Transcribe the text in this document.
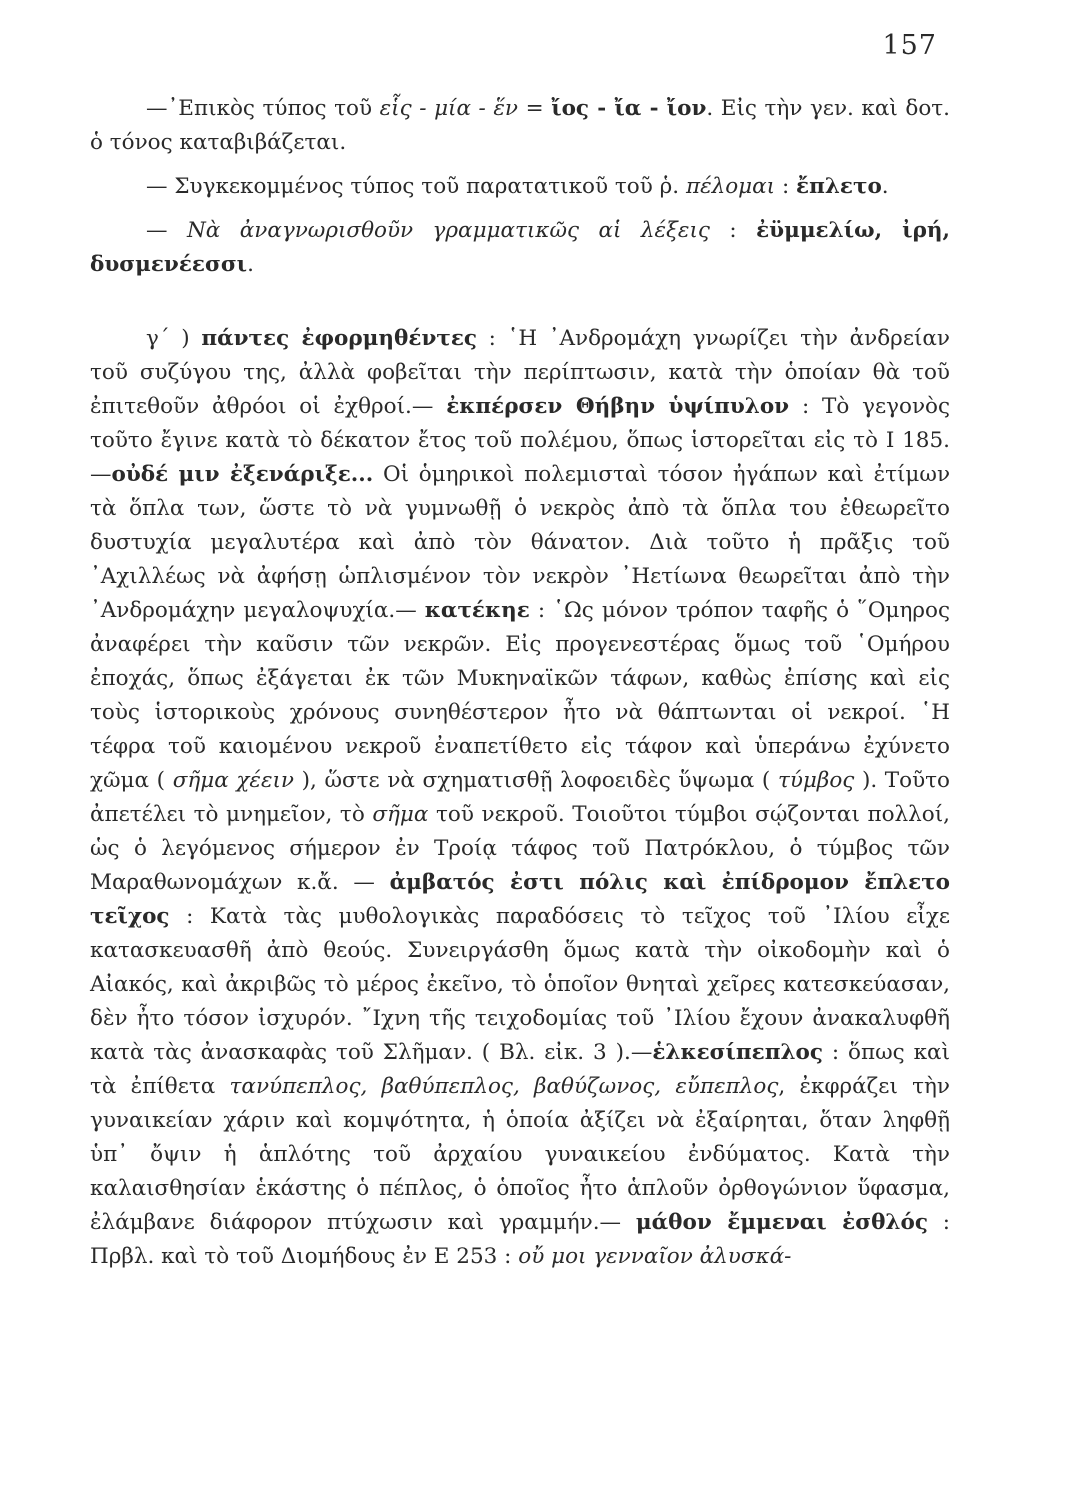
157

—᾽Επικὸς τύπος τοῦ εἷς - μία - ἕν = ἴος - ἴα - ἴον. Εἰς τὴν γεν. καὶ δοτ. ὁ τόνος καταβιβάζεται.

— Συγκεκομμένος τύπος τοῦ παρατατικοῦ τοῦ ῥ. πέλομαι : ἔπλετο.

— Νὰ ἀναγνωρισθοῦν γραμματικῶς αἱ λέξεις : ἐϋμμελίω, ἰρή, δυσμενέεσσι.

γ΄ ) πάντες ἐφορμηθέντες : ῾Η ᾽Ανδρομάχη γνωρίζει τὴν ἀνδρείαν τοῦ συζύγου της, ἀλλὰ φοβεῖται τὴν περίπτωσιν, κατὰ τὴν ὁποίαν θὰ τοῦ ἐπιτεθοῦν ἀθρόοι οἱ ἐχθροί.— ἐκπέρσεν Θήβην ὑψίπυλον : Τὸ γεγονὸς τοῦτο ἔγινε κατὰ τὸ δέκατον ἔτος τοῦ πολέμου, ὅπως ἱστορεῖται εἰς τὸ Ι 185.—οὐδέ μιν ἐξενάριξε... Οἱ ὁμηρικοὶ πολεμισταὶ τόσον ἠγάπων καὶ ἐτίμων τὰ ὅπλα των, ὥστε τὸ νὰ γυμνωθῇ ὁ νεκρὸς ἀπὸ τὰ ὅπλα του ἐθεωρεῖτο δυστυχία μεγαλυτέρα καὶ ἀπὸ τὸν θάνατον. Διὰ τοῦτο ἡ πρᾶξις τοῦ ᾽Αχιλλέως νὰ ἀφήσῃ ὡπλισμένον τὸν νεκρὸν ᾽Ηετίωνα θεωρεῖται ἀπὸ τὴν ᾽Ανδρομάχην μεγαλοψυχία.— κατέκηε : ῾Ως μόνον τρόπον ταφῆς ὁ ῞Ομηρος ἀναφέρει τὴν καῦσιν τῶν νεκρῶν. Εἰς προγενεστέρας ὅμως τοῦ ῾Ομήρου ἐποχάς, ὅπως ἐξάγεται ἐκ τῶν Μυκηναϊκῶν τάφων, καθὼς ἐπίσης καὶ εἰς τοὺς ἱστορικοὺς χρόνους συνηθέστερον ἦτο νὰ θάπτωνται οἱ νεκροί. ῾Η τέφρα τοῦ καιομένου νεκροῦ ἐναπετίθετο εἰς τάφον καὶ ὑπεράνω ἐχύνετο χῶμα ( σῆμα χέειν ), ὥστε νὰ σχηματισθῇ λοφοειδὲς ὕψωμα ( τύμβος ). Τοῦτο ἀπετέλει τὸ μνημεῖον, τὸ σῆμα τοῦ νεκροῦ. Τοιοῦτοι τύμβοι σῴζονται πολλοί, ὡς ὁ λεγόμενος σήμερον ἐν Τροίᾳ τάφος τοῦ Πατρόκλου, ὁ τύμβος τῶν Μαραθωνομάχων κ.ἄ. — ἀμβατός ἐστι πόλις καὶ ἐπίδρομον ἔπλετο τεῖχος : Κατὰ τὰς μυθολογικὰς παραδόσεις τὸ τεῖχος τοῦ ᾽Ιλίου εἶχε κατασκευασθῆ ἀπὸ θεούς. Συνειργάσθη ὅμως κατὰ τὴν οἰκοδομὴν καὶ ὁ Αἰακός, καὶ ἀκριβῶς τὸ μέρος ἐκεῖνο, τὸ ὁποῖον θνηταὶ χεῖρες κατεσκεύασαν, δὲν ἦτο τόσον ἰσχυρόν. ῎Ιχνη τῆς τειχοδομίας τοῦ ᾽Ιλίου ἔχουν ἀνακαλυφθῆ κατὰ τὰς ἀνασκαφὰς τοῦ Σλῆμαν. ( Βλ. εἰκ. 3 ).—ἑλκεσίπεπλος : ὅπως καὶ τὰ ἐπίθετα τανύπεπλος, βαθύπεπλος, βαθύζωνος, εὔπεπλος, ἐκφράζει τὴν γυναικείαν χάριν καὶ κομψότητα, ἡ ὁποία ἀξίζει νὰ ἐξαίρηται, ὅταν ληφθῇ ὑπ᾽ ὄψιν ἡ ἁπλότης τοῦ ἀρχαίου γυναικείου ἐνδύματος. Κατὰ τὴν καλαισθησίαν ἑκάστης ὁ πέπλος, ὁ ὁποῖος ἦτο ἁπλοῦν ὀρθογώνιον ὕφασμα, ἐλάμβανε διάφορον πτύχωσιν καὶ γραμμήν.— μάθον ἔμμεναι ἐσθλός : Πρβλ. καὶ τὸ τοῦ Διομήδους ἐν Ε 253 : οὔ μοι γενναῖον ἀλυσκά-
